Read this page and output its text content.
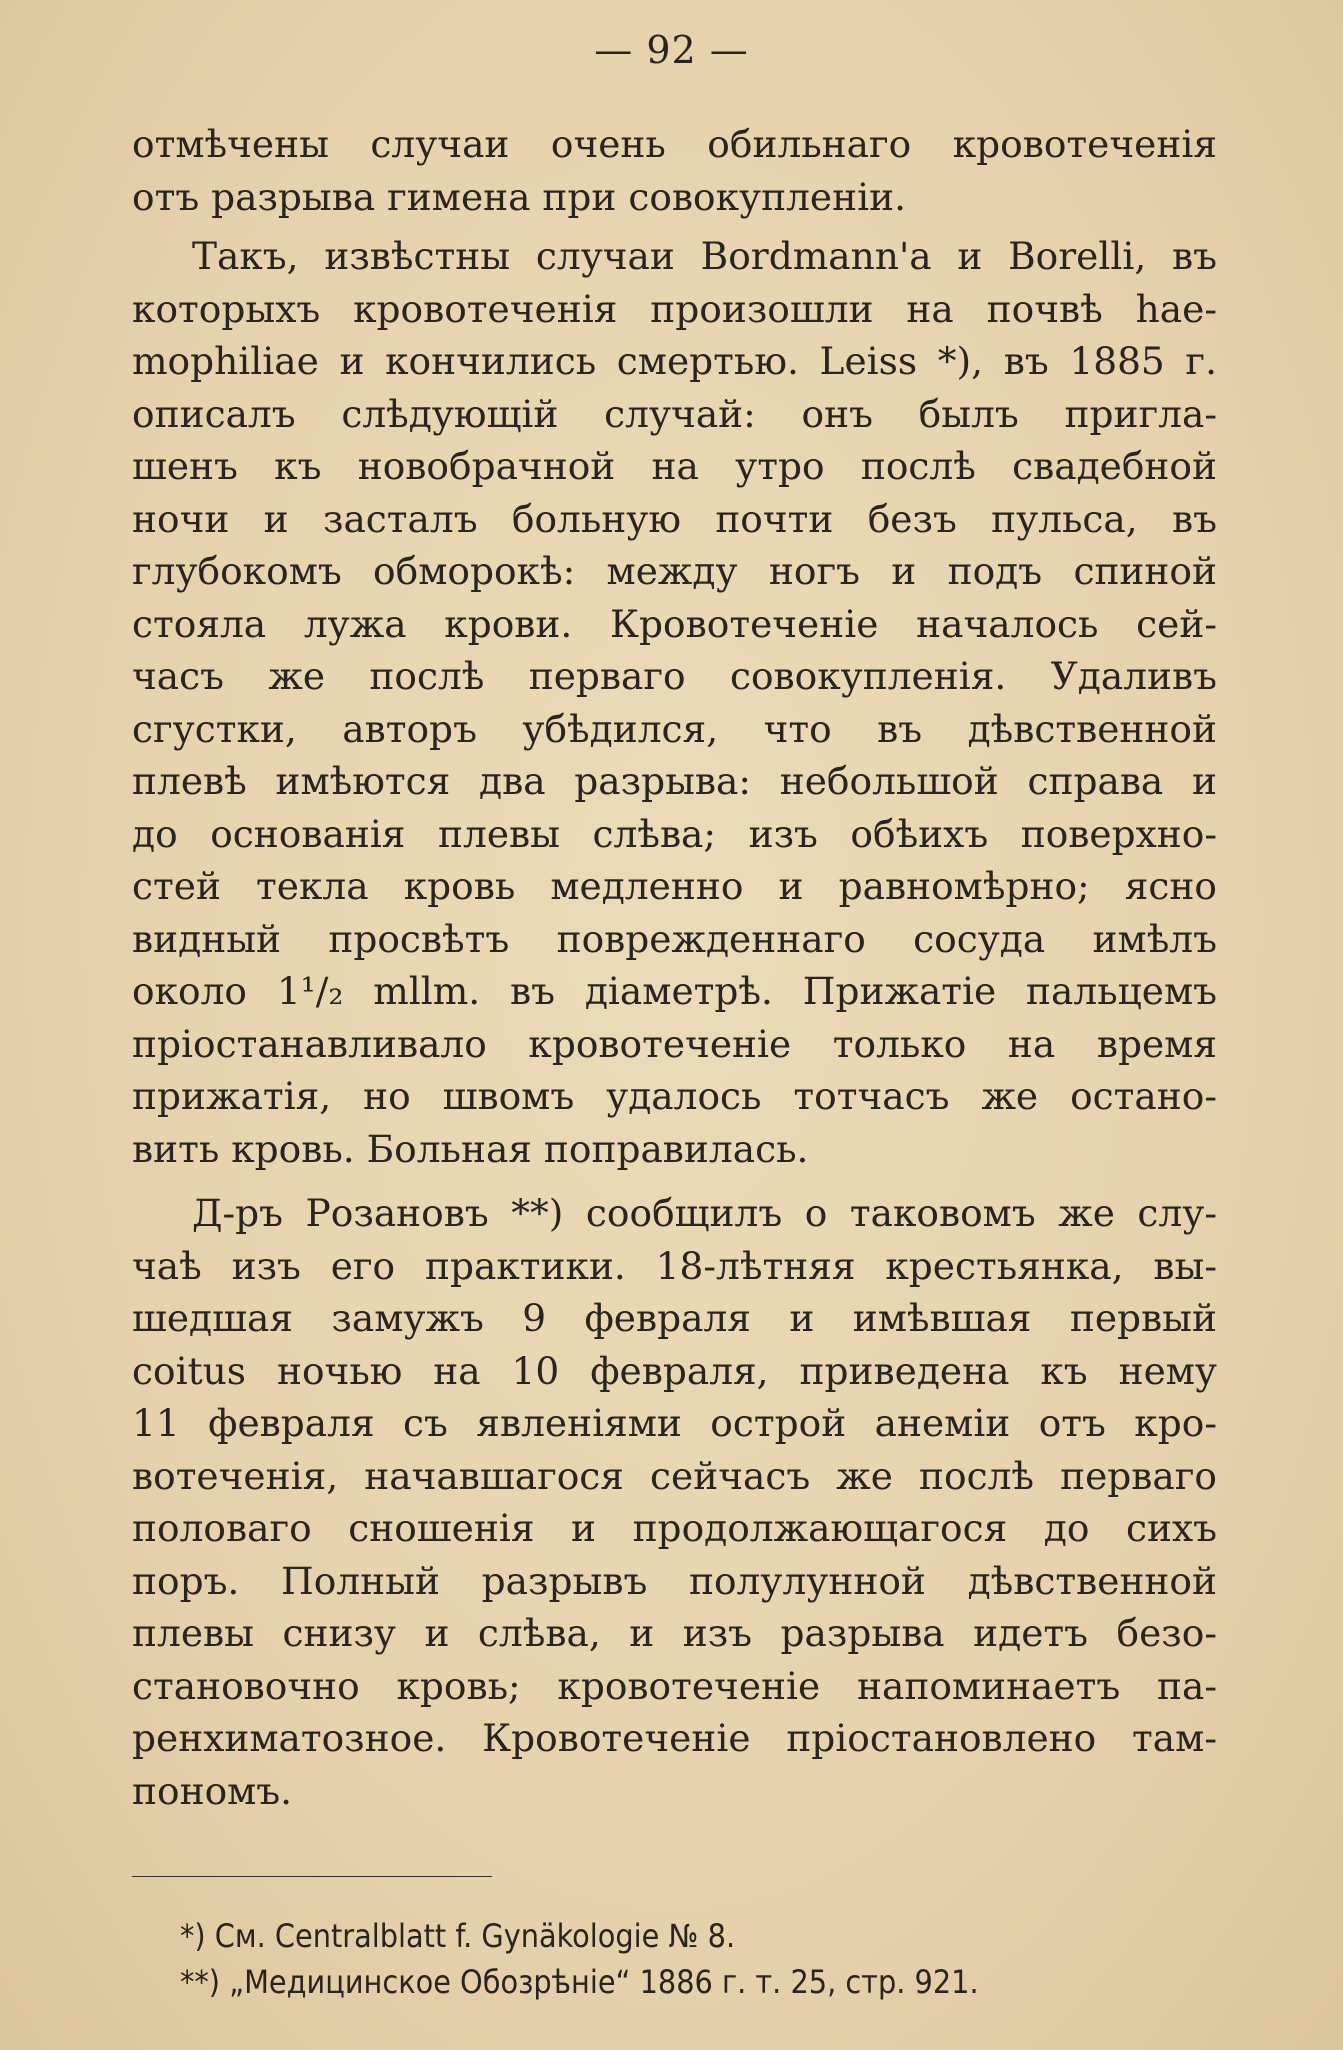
— 92 —
отмѣчены случаи очень обильнаго кровотеченія
отъ разрыва гимена при совокупленіи.
Такъ, извѣстны случаи Bordmann'а и Borelli, въ
которыхъ кровотеченія произошли на почвѣ hae-
mophiliae и кончились смертью. Leiss *), въ 1885 г.
описалъ слѣдующій случай: онъ былъ пригла-
шенъ къ новобрачной на утро послѣ свадебной
ночи и засталъ больную почти безъ пульса, въ
глубокомъ обморокѣ: между ногъ и подъ спиной
стояла лужа крови. Кровотеченіе началось сей-
часъ же послѣ перваго совокупленія. Удаливъ
сгустки, авторъ убѣдился, что въ дѣвственной
плевѣ имѣются два разрыва: небольшой справа и
до основанія плевы слѣва; изъ обѣихъ поверхно-
стей текла кровь медленно и равномѣрно; ясно
видный просвѣтъ поврежденнаго сосуда имѣлъ
около 1¹/₂ mllm. въ діаметрѣ. Прижатіе пальцемъ
пріостанавливало кровотеченіе только на время
прижатія, но швомъ удалось тотчасъ же остано-
вить кровь. Больная поправилась.
Д-ръ Розановъ **) сообщилъ о таковомъ же слу-
чаѣ изъ его практики. 18-лѣтняя крестьянка, вы-
шедшая замужъ 9 февраля и имѣвшая первый
coitus ночью на 10 февраля, приведена къ нему
11 февраля съ явленіями острой анеміи отъ кро-
вотеченія, начавшагося сейчасъ же послѣ перваго
половаго сношенія и продолжающагося до сихъ
поръ. Полный разрывъ полулунной дѣвственной
плевы снизу и слѣва, и изъ разрыва идетъ безо-
становочно кровь; кровотеченіе напоминаетъ па-
ренхиматозное. Кровотеченіе пріостановлено там-
пономъ.
*) См. Centralblatt f. Gynäkologie № 8.
**) „Медицинское Обозрѣніе“ 1886 г. т. 25, стр. 921.
